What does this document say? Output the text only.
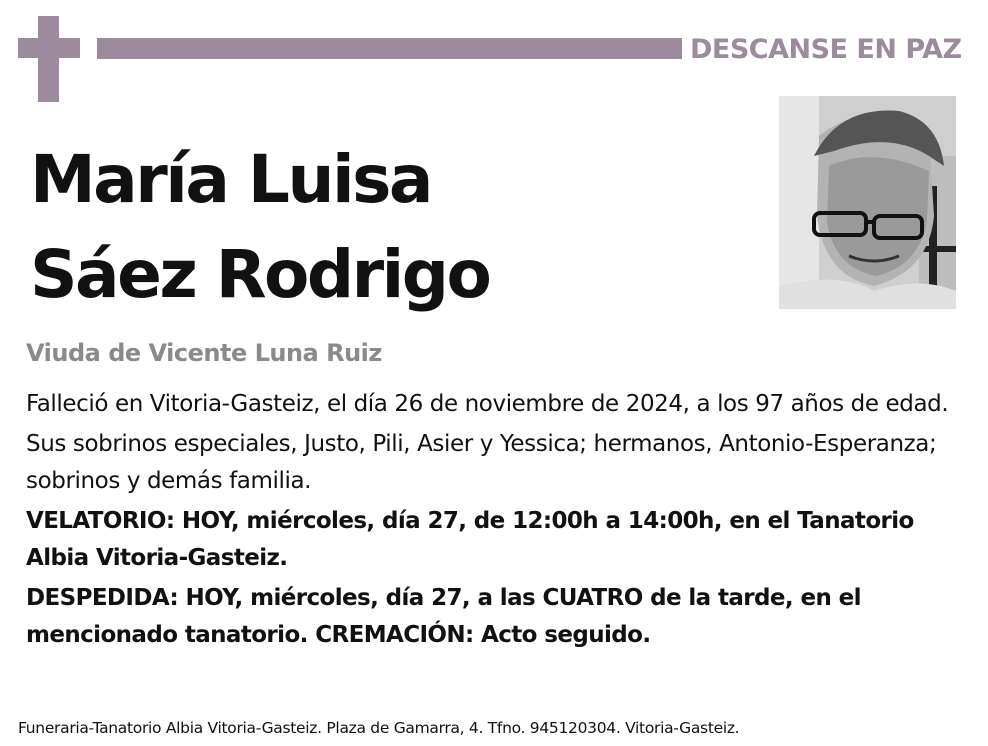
DESCANSE EN PAZ
María Luisa
Sáez Rodrigo
Viuda de Vicente Luna Ruiz

Falleció en Vitoria-Gasteiz, el día 26 de noviembre de 2024, a los 97 años de edad.

Sus sobrinos especiales, Justo, Pili, Asier y Yessica; hermanos, Antonio-Esperanza; sobrinos y demás familia.

VELATORIO: HOY, miércoles, día 27, de 12:00h a 14:00h, en el Tanatorio Albia Vitoria-Gasteiz.

DESPEDIDA: HOY, miércoles, día 27, a las CUATRO de la tarde, en el mencionado tanatorio. CREMACIÓN: Acto seguido.

Funeraria-Tanatorio Albia Vitoria-Gasteiz. Plaza de Gamarra, 4. Tfno. 945120304. Vitoria-Gasteiz.
